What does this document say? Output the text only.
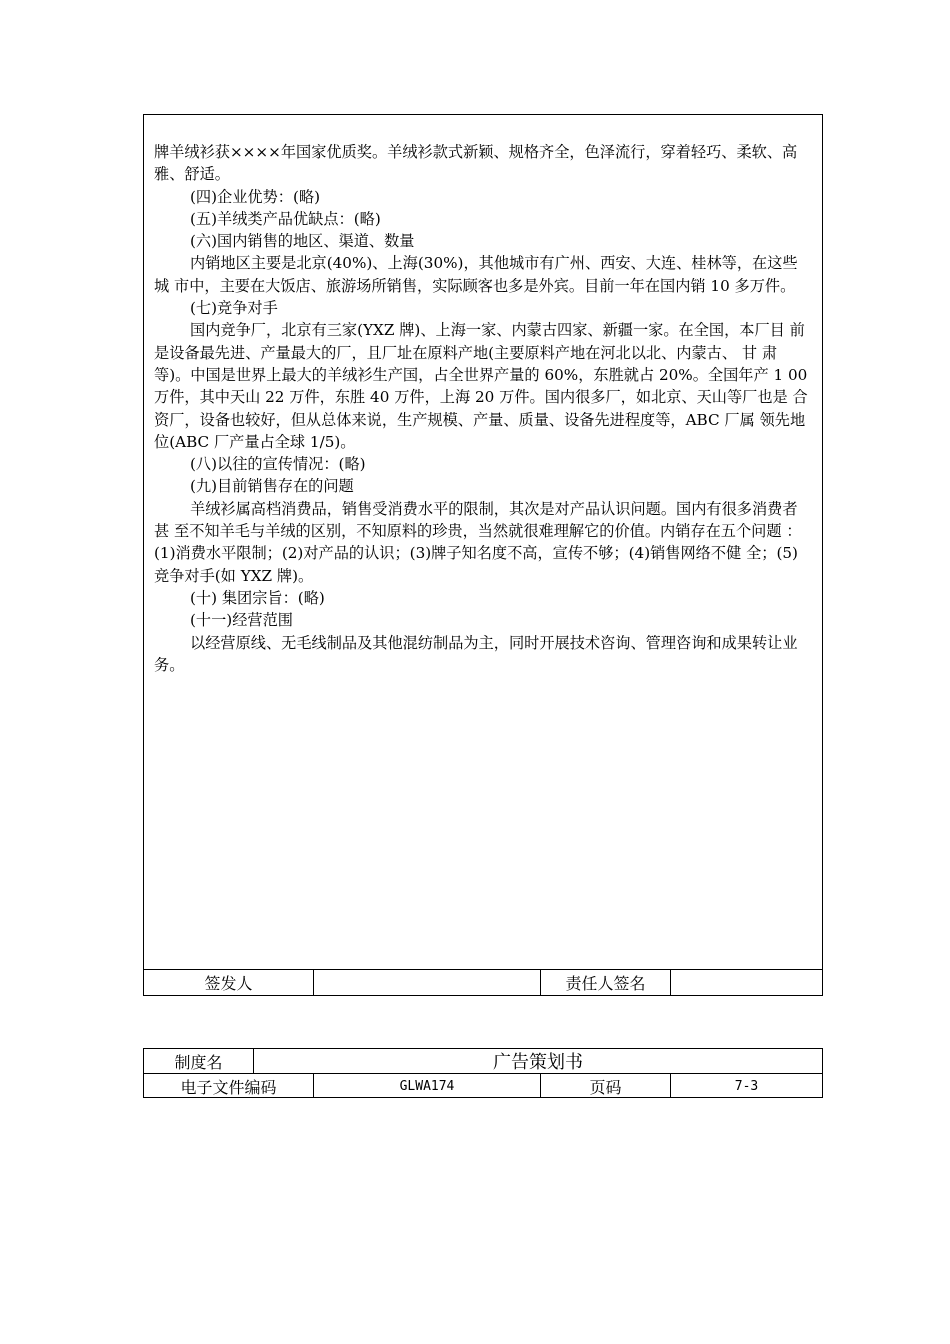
牌羊绒衫获××××年国家优质奖。羊绒衫款式新颖、规格齐全，色泽流行，穿着轻巧、柔软、高雅、舒适。

(四)企业优势：(略)

(五)羊绒类产品优缺点：(略)

(六)国内销售的地区、渠道、数量

内销地区主要是北京(40%)、上海(30%)，其他城市有广州、西安、大连、桂林等，在这些城 市中，主要在大饭店、旅游场所销售，实际顾客也多是外宾。目前一年在国内销 10 多万件。

(七)竞争对手

国内竞争厂，北京有三家(YXZ 牌)、上海一家、内蒙古四家、新疆一家。在全国，本厂目 前是设备最先进、产量最大的厂，且厂址在原料产地(主要原料产地在河北以北、内蒙古、 甘 肃等)。中国是世界上最大的羊绒衫生产国，占全世界产量的 60%，东胜就占 20%。全国年产 1 00 万件，其中天山 22 万件，东胜 40 万件，上海 20 万件。国内很多厂，如北京、天山等厂也是 合资厂，设备也较好，但从总体来说，生产规模、产量、质量、设备先进程度等，ABC 厂属 领先地位(ABC 厂产量占全球 1/5)。

(八)以往的宣传情况：(略)

(九)目前销售存在的问题

羊绒衫属高档消费品，销售受消费水平的限制，其次是对产品认识问题。国内有很多消费者 甚 至不知羊毛与羊绒的区别，不知原料的珍贵，当然就很难理解它的价值。内销存在五个问题 ：(1)消费水平限制；(2)对产品的认识；(3)牌子知名度不高，宣传不够；(4)销售网络不健 全；(5)竞争对手(如 YXZ 牌)。

(十) 集团宗旨：(略)

(十一)经营范围

以经营原线、无毛线制品及其他混纺制品为主，同时开展技术咨询、管理咨询和成果转让业 务。

签发人	责任人签名
制度名	广告策划书
电子文件编码	GLWA174	页码	7-3
